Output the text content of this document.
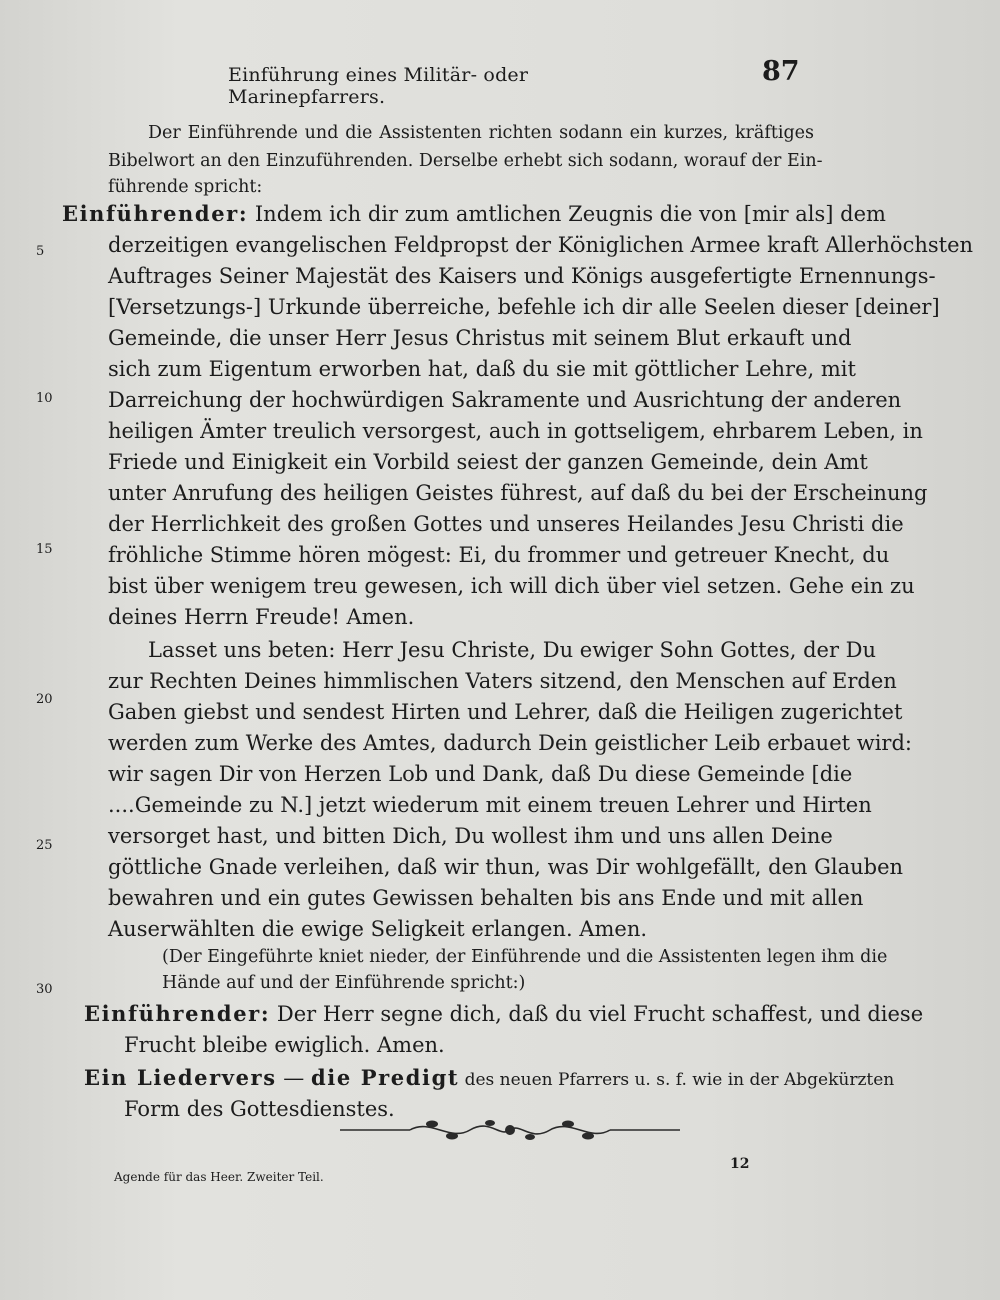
Einführung eines Militär- oder Marinepfarrers.
87
Der Einführende und die Assistenten richten sodann ein kurzes, kräftiges
Bibelwort an den Einzuführenden. Derselbe erhebt sich sodann, worauf der Ein-
führende spricht:
Einführender: Indem ich dir zum amtlichen Zeugnis die von [mir als] dem
derzeitigen evangelischen Feldpropst der Königlichen Armee kraft Allerhöchsten
Auftrages Seiner Majestät des Kaisers und Königs ausgefertigte Ernennungs-
[Versetzungs-] Urkunde überreiche, befehle ich dir alle Seelen dieser [deiner]
Gemeinde, die unser Herr Jesus Christus mit seinem Blut erkauft und
sich zum Eigentum erworben hat, daß du sie mit göttlicher Lehre, mit
Darreichung der hochwürdigen Sakramente und Ausrichtung der anderen
heiligen Ämter treulich versorgest, auch in gottseligem, ehrbarem Leben, in
Friede und Einigkeit ein Vorbild seiest der ganzen Gemeinde, dein Amt
unter Anrufung des heiligen Geistes führest, auf daß du bei der Erscheinung
der Herrlichkeit des großen Gottes und unseres Heilandes Jesu Christi die
fröhliche Stimme hören mögest: Ei, du frommer und getreuer Knecht, du
bist über wenigem treu gewesen, ich will dich über viel setzen. Gehe ein zu
deines Herrn Freude! Amen.
Lasset uns beten: Herr Jesu Christe, Du ewiger Sohn Gottes, der Du
zur Rechten Deines himmlischen Vaters sitzend, den Menschen auf Erden
Gaben giebst und sendest Hirten und Lehrer, daß die Heiligen zugerichtet
werden zum Werke des Amtes, dadurch Dein geistlicher Leib erbauet wird:
wir sagen Dir von Herzen Lob und Dank, daß Du diese Gemeinde [die
....Gemeinde zu N.] jetzt wiederum mit einem treuen Lehrer und Hirten
versorget hast, und bitten Dich, Du wollest ihm und uns allen Deine
göttliche Gnade verleihen, daß wir thun, was Dir wohlgefällt, den Glauben
bewahren und ein gutes Gewissen behalten bis ans Ende und mit allen
Auserwählten die ewige Seligkeit erlangen. Amen.
(Der Eingeführte kniet nieder, der Einführende und die Assistenten legen ihm die
Hände auf und der Einführende spricht:)
Einführender: Der Herr segne dich, daß du viel Frucht schaffest, und diese
Frucht bleibe ewiglich. Amen.
Ein Liedervers — die Predigt des neuen Pfarrers u. s. f. wie in der Abgekürzten
Form des Gottesdienstes.
5
10
15
20
25
30
Agende für das Heer. Zweiter Teil.
12
